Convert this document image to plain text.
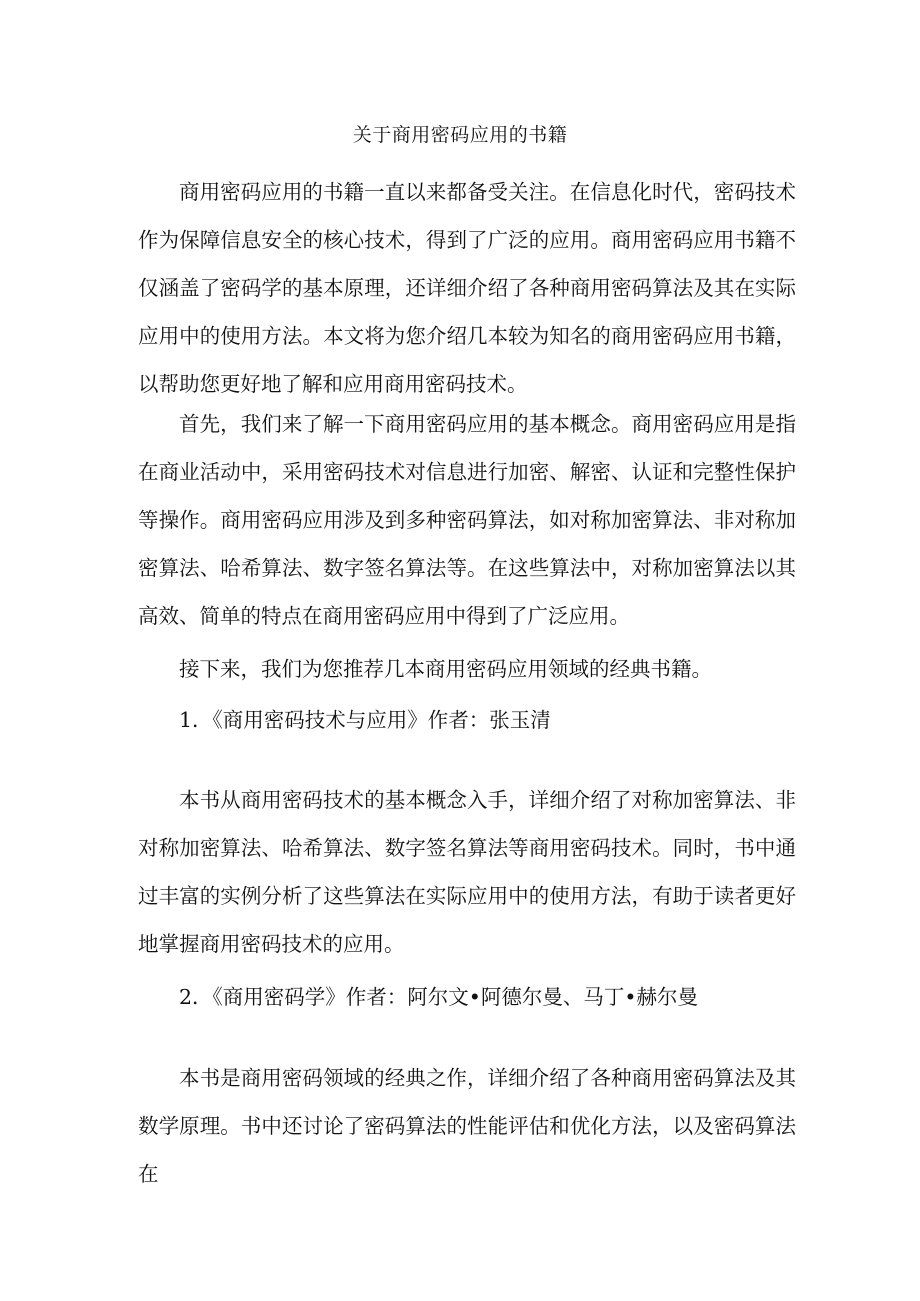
关于商用密码应用的书籍

商用密码应用的书籍一直以来都备受关注。在信息化时代，密码技术作为保障信息安全的核心技术，得到了广泛的应用。商用密码应用书籍不仅涵盖了密码学的基本原理，还详细介绍了各种商用密码算法及其在实际应用中的使用方法。本文将为您介绍几本较为知名的商用密码应用书籍，以帮助您更好地了解和应用商用密码技术。

首先，我们来了解一下商用密码应用的基本概念。商用密码应用是指在商业活动中，采用密码技术对信息进行加密、解密、认证和完整性保护等操作。商用密码应用涉及到多种密码算法，如对称加密算法、非对称加密算法、哈希算法、数字签名算法等。在这些算法中，对称加密算法以其高效、简单的特点在商用密码应用中得到了广泛应用。

接下来，我们为您推荐几本商用密码应用领域的经典书籍。

1．《商用密码技术与应用》作者：张玉清

本书从商用密码技术的基本概念入手，详细介绍了对称加密算法、非对称加密算法、哈希算法、数字签名算法等商用密码技术。同时，书中通过丰富的实例分析了这些算法在实际应用中的使用方法，有助于读者更好地掌握商用密码技术的应用。

2．《商用密码学》作者：阿尔文•阿德尔曼、马丁•赫尔曼

本书是商用密码领域的经典之作，详细介绍了各种商用密码算法及其数学原理。书中还讨论了密码算法的性能评估和优化方法，以及密码算法在
